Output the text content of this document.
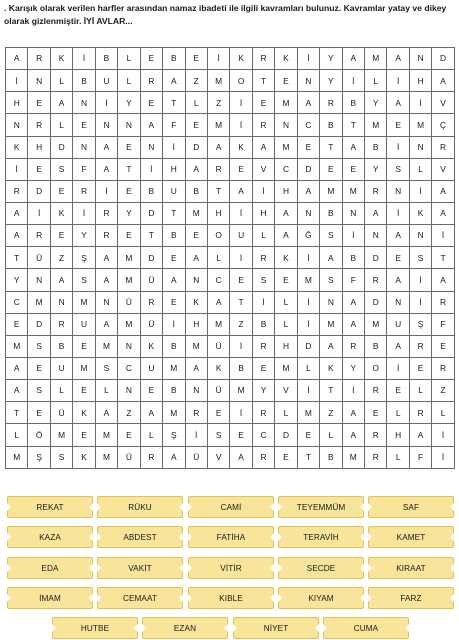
. Karışık olarak verilen harfler arasından namaz ibadeti ile ilgili kavramları bulunuz. Kavramlar yatay ve dikey olarak gizlenmiştir. İYİ AVLAR...
A	R	K	İ	B	L	E	B	E	İ	K	R	K	İ	Y	A	M	A	N	D
İ	N	L	B	U	L	R	A	Z	M	O	T	E	N	Y	İ	L	İ	H	A
H	E	A	N	İ	Y	E	T	L	Z	İ	E	M	A	R	B	Y	A	İ	V
N	R	L	E	N	N	A	F	E	M	İ	R	N	C	B	T	M	E	M	Ç
K	H	D	N	A	E	N	İ	D	A	K	A	M	E	T	A	B	İ	N	R
İ	E	S	F	A	T	İ	H	A	R	E	V	C	D	E	E	Y	S	L	V
R	D	E	R	İ	E	B	U	B	T	A	İ	H	A	M	M	R	N	İ	A
A	İ	K	İ	R	Y	D	T	M	H	İ	H	A	N	B	N	A	İ	K	A
A	R	E	Y	R	E	T	B	E	O	U	L	A	Ğ	S	İ	N	A	N	İ
T	Ü	Z	Ş	A	M	D	E	A	L	İ	R	K	İ	A	B	D	E	S	T
Y	N	A	S	A	M	Ü	A	N	C	E	S	E	M	S	F	R	A	İ	A
C	M	N	M	N	Ü	R	E	K	A	T	İ	L	İ	N	A	D	N	İ	R
E	D	R	U	A	M	Ü	İ	H	M	Z	B	L	İ	M	A	M	U	Ş	F
M	S	B	E	M	N	K	B	M	Ü	İ	R	H	D	A	R	B	A	R	E
A	E	U	M	S	C	U	M	A	K	B	E	M	L	K	Y	O	İ	E	R
A	S	L	E	L	N	E	B	N	Ü	M	Y	V	İ	T	İ	R	E	L	Z
T	E	Ü	K	A	Z	A	M	R	E	İ	R	L	M	Z	A	E	L	R	L
L	Ö	M	E	M	E	L	Ş	İ	S	E	C	D	E	L	A	R	H	A	İ
M	Ş	S	K	M	Ü	R	A	Ü	V	A	R	E	T	B	M	R	L	F	İ
REKAT	RÜKU	CAMİ	TEYEMMÜM	SAF
KAZA	ABDEST	FATİHA	TERAVİH	KAMET
EDA	VAKİT	VİTİR	SECDE	KIRAAT
İMAM	CEMAAT	KIBLE	KIYAM	FARZ
HUTBE	EZAN	NİYET	CUMA
